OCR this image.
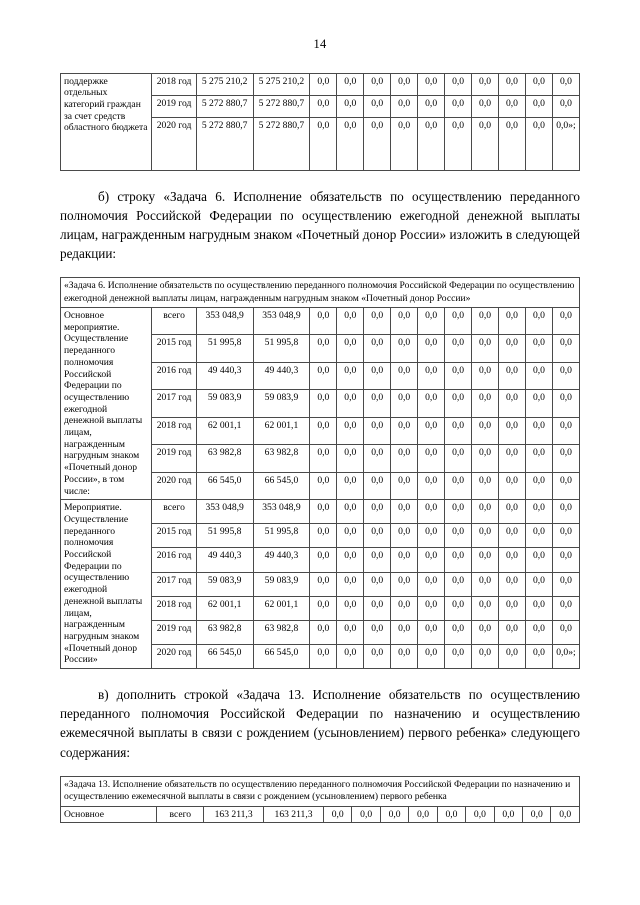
14
поддержке отдельных категорий граждан за счет средств областного бюджета	2018 год	5 275 210,2	5 275 210,2	0,0	0,0	0,0	0,0	0,0	0,0	0,0	0,0	0,0	0,0
	2019 год	5 272 880,7	5 272 880,7	0,0	0,0	0,0	0,0	0,0	0,0	0,0	0,0	0,0	0,0
	2020 год	5 272 880,7	5 272 880,7	0,0	0,0	0,0	0,0	0,0	0,0	0,0	0,0	0,0	0,0»;

б) строку «Задача 6. Исполнение обязательств по осуществлению переданного полномочия Российской Федерации по осуществлению ежегодной денежной выплаты лицам, награжденным нагрудным знаком «Почетный донор России» изложить в следующей редакции:

«Задача 6. Исполнение обязательств по осуществлению переданного полномочия Российской Федерации по осуществлению ежегодной денежной выплаты лицам, награжденным нагрудным знаком «Почетный донор России»													
Основное мероприятие. Осуществление переданного полномочия Российской Федерации по осуществлению ежегодной денежной выплаты лицам, награжденным нагрудным знаком «Почетный донор России», в том числе:	всего	353 048,9	353 048,9	0,0	0,0	0,0	0,0	0,0	0,0	0,0	0,0	0,0	0,0
	2015 год	51 995,8	51 995,8	0,0	0,0	0,0	0,0	0,0	0,0	0,0	0,0	0,0	0,0
	2016 год	49 440,3	49 440,3	0,0	0,0	0,0	0,0	0,0	0,0	0,0	0,0	0,0	0,0
	2017 год	59 083,9	59 083,9	0,0	0,0	0,0	0,0	0,0	0,0	0,0	0,0	0,0	0,0
	2018 год	62 001,1	62 001,1	0,0	0,0	0,0	0,0	0,0	0,0	0,0	0,0	0,0	0,0
	2019 год	63 982,8	63 982,8	0,0	0,0	0,0	0,0	0,0	0,0	0,0	0,0	0,0	0,0
	2020 год	66 545,0	66 545,0	0,0	0,0	0,0	0,0	0,0	0,0	0,0	0,0	0,0	0,0
Мероприятие. Осуществление переданного полномочия Российской Федерации по осуществлению ежегодной денежной выплаты лицам, награжденным нагрудным знаком «Почетный донор России»	всего	353 048,9	353 048,9	0,0	0,0	0,0	0,0	0,0	0,0	0,0	0,0	0,0	0,0
	2015 год	51 995,8	51 995,8	0,0	0,0	0,0	0,0	0,0	0,0	0,0	0,0	0,0	0,0
	2016 год	49 440,3	49 440,3	0,0	0,0	0,0	0,0	0,0	0,0	0,0	0,0	0,0	0,0
	2017 год	59 083,9	59 083,9	0,0	0,0	0,0	0,0	0,0	0,0	0,0	0,0	0,0	0,0
	2018 год	62 001,1	62 001,1	0,0	0,0	0,0	0,0	0,0	0,0	0,0	0,0	0,0	0,0
	2019 год	63 982,8	63 982,8	0,0	0,0	0,0	0,0	0,0	0,0	0,0	0,0	0,0	0,0
	2020 год	66 545,0	66 545,0	0,0	0,0	0,0	0,0	0,0	0,0	0,0	0,0	0,0	0,0»;

в) дополнить строкой «Задача 13. Исполнение обязательств по осуществлению переданного полномочия Российской Федерации по назначению и осуществлению ежемесячной выплаты в связи с рождением (усыновлением) первого ребенка» следующего содержания:

«Задача 13. Исполнение обязательств по осуществлению переданного полномочия Российской Федерации по назначению и осуществлению ежемесячной выплаты в связи с рождением (усыновлением) первого ребенка
Основное	всего	163 211,3	163 211,3	0,0	0,0	0,0	0,0	0,0	0,0	0,0	0,0	0,0
